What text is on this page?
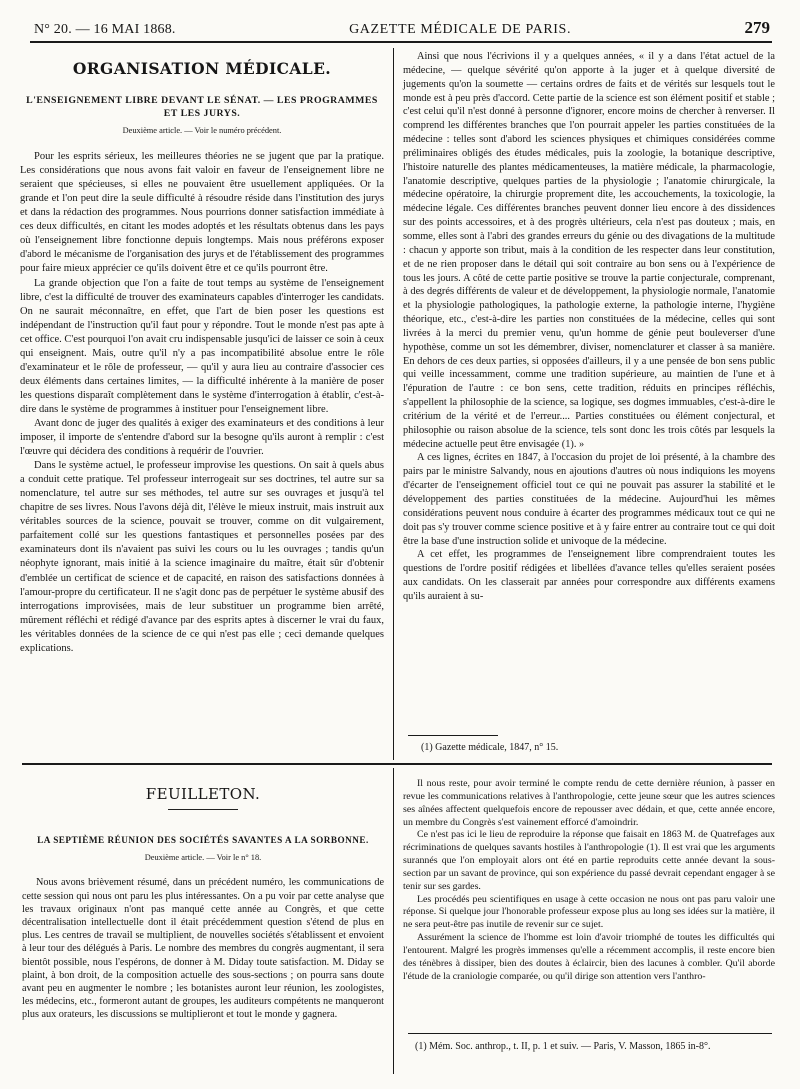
N° 20. — 16 MAI 1868.	GAZETTE MÉDICALE DE PARIS.	279
ORGANISATION MÉDICALE.
L'ENSEIGNEMENT LIBRE DEVANT LE SÉNAT. — LES PROGRAMMES ET LES JURYS.
Deuxième article. — Voir le numéro précédent.

Pour les esprits sérieux, les meilleures théories ne se jugent que par la pratique. Les considérations que nous avons fait valoir en faveur de l'enseignement libre ne seraient que spécieuses, si elles ne pouvaient être usuellement appliquées. Or la grande et l'on peut dire la seule difficulté à résoudre réside dans l'institution des jurys et dans la rédaction des programmes. Nous pourrions donner satisfaction immédiate à ces deux difficultés, en citant les modes adoptés et les résultats obtenus dans les pays où l'enseignement libre fonctionne depuis longtemps. Mais nous préférons exposer d'abord le mécanisme de l'organisation des jurys et de l'établissement des programmes pour faire mieux apprécier ce qu'ils doivent être et ce qu'ils pourront être.

La grande objection que l'on a faite de tout temps au système de l'enseignement libre, c'est la difficulté de trouver des examinateurs capables d'interroger les candidats. On ne saurait méconnaître, en effet, que l'art de bien poser les questions est indépendant de l'instruction qu'il faut pour y répondre. Tout le monde n'est pas apte à cet office. C'est pourquoi l'on avait cru indispensable jusqu'ici de laisser ce soin à ceux qui enseignent. Mais, outre qu'il n'y a pas incompatibilité absolue entre le rôle d'examinateur et le rôle de professeur, — qu'il y aura lieu au contraire d'associer ces deux éléments dans certaines limites, — la difficulté inhérente à la manière de poser les questions disparaît complètement dans le système d'interrogation à établir, c'est-à-dire dans le système de programmes à instituer pour l'enseignement libre.

Avant donc de juger des qualités à exiger des examinateurs et des conditions à leur imposer, il importe de s'entendre d'abord sur la besogne qu'ils auront à remplir : c'est l'œuvre qui décidera des conditions à requérir de l'ouvrier.

Dans le système actuel, le professeur improvise les questions. On sait à quels abus a conduit cette pratique. Tel professeur interrogeait sur ses doctrines, tel autre sur sa nomenclature, tel autre sur ses méthodes, tel autre sur ses ouvrages et jusqu'à tel chapitre de ses livres. Nous l'avons déjà dit, l'élève le mieux instruit, mais instruit aux véritables sources de la science, pouvait se trouver, comme on dit vulgairement, parfaitement collé sur les questions fantastiques et personnelles posées par des examinateurs dont ils n'avaient pas suivi les cours ou lu les ouvrages ; tandis qu'un néophyte ignorant, mais initié à la science imaginaire du maître, était sûr d'obtenir d'emblée un certificat de science et de capacité, en raison des satisfactions données à l'amour-propre du certificateur. Il ne s'agit donc pas de perpétuer le système abusif des interrogations improvisées, mais de leur substituer un programme bien arrêté, mûrement réfléchi et rédigé d'avance par des esprits aptes à discerner le vrai du faux, les véritables données de la science de ce qui n'est pas elle ; ceci demande quelques explications.

Ainsi que nous l'écrivions il y a quelques années, « il y a dans l'état actuel de la médecine, — quelque sévérité qu'on apporte à la juger et à quelque diversité de jugements qu'on la soumette — certains ordres de faits et de vérités sur lesquels tout le monde est à peu près d'accord. Cette partie de la science est son élément positif et stable ; c'est celui qu'il n'est donné à personne d'ignorer, encore moins de chercher à renverser. Il comprend les différentes branches que l'on pourrait appeler les parties constituées de la médecine : telles sont d'abord les sciences physiques et chimiques considérées comme préliminaires obligés des études médicales, puis la zoologie, la botanique descriptive, l'histoire naturelle des plantes médicamenteuses, la matière médicale, la pharmacologie, l'anatomie descriptive, quelques parties de la physiologie ; l'anatomie chirurgicale, la médecine opératoire, la chirurgie proprement dite, les accouchements, la toxicologie, la médecine légale. Ces différentes branches peuvent donner lieu encore à des dissidences sur des points accessoires, et à des progrès ultérieurs, cela n'est pas douteux ; mais, en somme, elles sont à l'abri des grandes erreurs du génie ou des divagations de la multitude : chacun y apporte son tribut, mais à la condition de les respecter dans leur constitution, et de ne rien proposer dans le détail qui soit contraire au bon sens ou à l'expérience de tous les jours. A côté de cette partie positive se trouve la partie conjecturale, comprenant, à des degrés différents de valeur et de développement, la physiologie normale, l'anatomie et la physiologie pathologiques, la pathologie externe, la pathologie interne, l'hygiène théorique, etc., c'est-à-dire les parties non constituées de la médecine, celles qui sont livrées à la merci du premier venu, qu'un homme de génie peut bouleverser d'une hypothèse, comme un sot les démembrer, diviser, nomenclaturer et classer à sa manière. En dehors de ces deux parties, si opposées d'ailleurs, il y a une pensée de bon sens public qui veille incessamment, comme une tradition supérieure, au maintien de l'une et à l'épuration de l'autre : ce bon sens, cette tradition, réduits en principes réfléchis, s'appellent la philosophie de la science, sa logique, ses dogmes immuables, c'est-à-dire le critérium de la vérité et de l'erreur.... Parties constituées ou élément conjectural, et philosophie ou raison absolue de la science, tels sont donc les trois côtés par lesquels la médecine actuelle peut être envisagée (1). »

A ces lignes, écrites en 1847, à l'occasion du projet de loi présenté, à la chambre des pairs par le ministre Salvandy, nous en ajoutions d'autres où nous indiquions les moyens d'écarter de l'enseignement officiel tout ce qui ne pouvait pas assurer la stabilité et le développement des parties constituées de la médecine. Aujourd'hui les mêmes considérations peuvent nous conduire à écarter des programmes médicaux tout ce qui ne doit pas s'y trouver comme science positive et à y faire entrer au contraire tout ce qui doit être la base d'une instruction solide et univoque de la médecine.

A cet effet, les programmes de l'enseignement libre comprendraient toutes les questions de l'ordre positif rédigées et libellées d'avance telles qu'elles seraient posées aux candidats. On les classerait par années pour correspondre aux différents examens qu'ils auraient à su-

(1) Gazette médicale, 1847, n° 15.
FEUILLETON.
LA SEPTIÈME RÉUNION DES SOCIÉTÉS SAVANTES A LA SORBONNE.
Deuxième article. — Voir le n° 18.

Nous avons brièvement résumé, dans un précédent numéro, les communications de cette session qui nous ont paru les plus intéressantes. On a pu voir par cette analyse que les travaux originaux n'ont pas manqué cette année au Congrès, et que cette décentralisation intellectuelle dont il était précédemment question s'étend de plus en plus. Les centres de travail se multiplient, de nouvelles sociétés s'établissent et envoient à leur tour des délégués à Paris. Le nombre des membres du congrès augmentant, il sera bientôt possible, nous l'espérons, de donner à M. Diday toute satisfaction. M. Diday se plaint, à bon droit, de la composition actuelle des sous-sections ; on pourra sans doute avant peu en augmenter le nombre ; les botanistes auront leur réunion, les zoologistes, les médecins, etc., formeront autant de groupes, les auditeurs compétents ne manqueront plus aux orateurs, les discussions se multiplieront et tout le monde y gagnera.

Il nous reste, pour avoir terminé le compte rendu de cette dernière réunion, à passer en revue les communications relatives à l'anthropologie, cette jeune sœur que les autres sciences ses aînées affectent quelquefois encore de repousser avec dédain, et que, cette année encore, un membre du Congrès s'est vainement efforcé d'amoindrir.

Ce n'est pas ici le lieu de reproduire la réponse que faisait en 1863 M. de Quatrefages aux récriminations de quelques savants hostiles à l'anthropologie (1). Il est vrai que les arguments surannés que l'on employait alors ont été en partie reproduits cette année devant la sous-section par un savant de province, qui son expérience du passé devrait cependant engager à se tenir sur ses gardes.

Les procédés peu scientifiques en usage à cette occasion ne nous ont pas paru valoir une réponse. Si quelque jour l'honorable professeur expose plus au long ses idées sur la matière, il ne sera peut-être pas inutile de revenir sur ce sujet.

Assurément la science de l'homme est loin d'avoir triomphé de toutes les difficultés qui l'entourent. Malgré les progrès immenses qu'elle a récemment accomplis, il reste encore bien des ténèbres à dissiper, bien des doutes à éclaircir, bien des lacunes à combler. Qu'il aborde l'étude de la craniologie comparée, ou qu'il dirige son attention vers l'anthro-

(1) Mém. Soc. anthrop., t. II, p. 1 et suiv. — Paris, V. Masson, 1865 in-8°.
